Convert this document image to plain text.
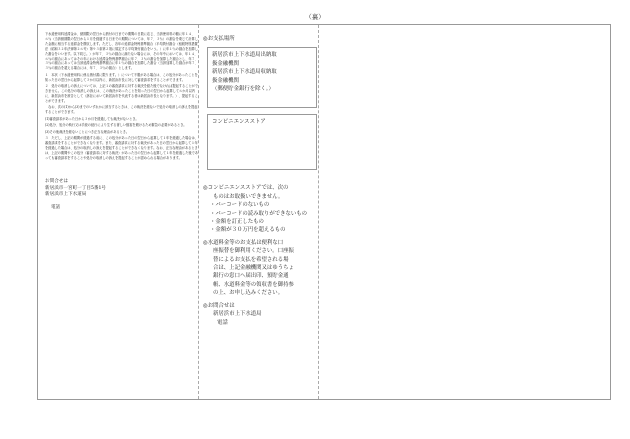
（裏）

下水道使用料延滞金は、納期限の翌日から納付の日までの期間の日数に応じ、当該使用料の額に年１４．６％（当該納期限の翌日から１月を経過する日までの期間については、年７．３％）の割合を乗じて計算した金額に相当する延滞金を徴収します。ただし、各年の延滞金特例基準割合（平均貸付割合（租税特別措置法（昭和３２年法律第２６号）第９３条第２項に規定する平均貸付割合をいう。）に年１％の割合を加算した割合をいいます。以下同じ。）が年７．３％の割合に満たない場合には、その年中においては、年１４．６％の割合にあってはその年における延滞金特例基準割合に年７．３％の割合を加算した割合とし、年７．３％の割合にあっては当該延滞金特例基準割合に年１％の割合を加算した割合（当該加算した割合が年７．３％の割合を超える場合には、年７．３％の割合）とします。

１　本状（下水道使用料に係る納付書に限ります。）について不服がある場合は、この処分があったことを知った日の翌日から起算して３か月以内に、新居浜市長に対して審査請求をすることができます。

２　処分の取消しの訴えについては、上記１の審査請求に対する裁決を経た後でなければ提起することができません。この処分の取消しの訴えは、この裁決があったことを知った日の翌日から起算して６か月以内に、新居浜市を被告として（訴訟において新居浜市を代表する者は新居浜市長となります。）、提起することができます。

　なお、次の(1)から(3)までのいずれかに該当するときは、この裁決を経ないで処分の取消しの訴えを提起することができます。

(1)審査請求があった日から３か月を経過しても裁決がないとき。

(2)処分、処分の執行又は手続の続行により生ずる著しい損害を避けるため緊急の必要があるとき。

(3)その他裁決を経ないことにつき正当な理由があるとき。

３　ただし、上記の期間が経過する前に、この処分があった日の翌日から起算して１年を経過した場合は、審査請求をすることができなくなります。また、審査請求に対する裁決があった日の翌日から起算して１年を経過した場合は、処分の取消しの訴えを提起することができなくなります。なお、正当な理由があるときは、上記の期間やこの処分（審査請求に対する裁決）があった日の翌日から起算して１年を経過した後であっても審査請求をすることや処分の取消しの訴えを提起することが認められる場合があります。

お問合せは
新居浜市一宮町一丁目5番1号
新居浜市上下水道局
電話
◎お支払場所
新居浜市上下水道局出納取
扱金融機関
新居浜市上下水道局収納取
扱金融機関
（郵便貯金銀行を除く。）
コンビニエンスストア
◎コンビニエンスストアでは、次の
ものはお取扱いできません。
・ バーコードのないもの
・ バーコードの読み取りができないもの
・ 金額を訂正したもの
・ 金額が３０万円を超えるもの
◎水道料金等のお支払は便利な口
座振替を御利用ください。口座振
替によるお支払を希望される場
合は、上記金融機関又はゆうちょ
銀行の窓口へ届出印、預貯金通
帳、水道料金等の領収書を御持参
の上、お申し込みください。
◎お問合せは
新居浜市上下水道局
電話
